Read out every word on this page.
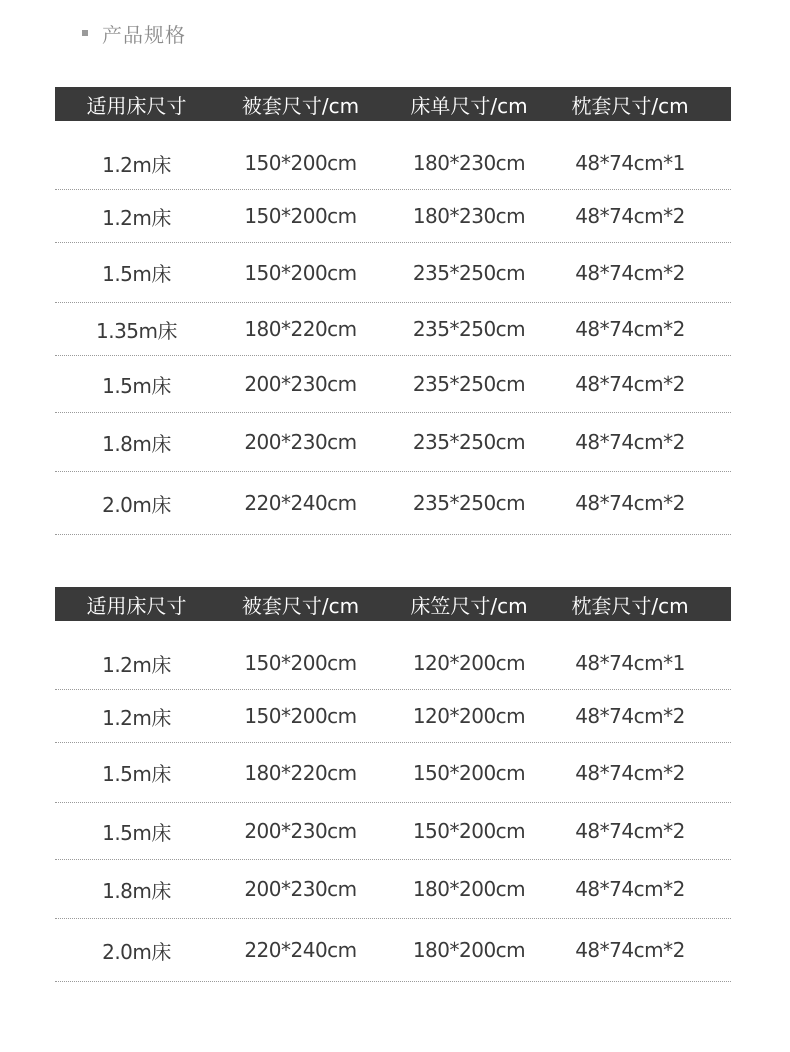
产品规格
适用床尺寸	被套尺寸/cm	床单尺寸/cm	枕套尺寸/cm
1.2m床	150*200cm	180*230cm	48*74cm*1
1.2m床	150*200cm	180*230cm	48*74cm*2
1.5m床	150*200cm	235*250cm	48*74cm*2
1.35m床	180*220cm	235*250cm	48*74cm*2
1.5m床	200*230cm	235*250cm	48*74cm*2
1.8m床	200*230cm	235*250cm	48*74cm*2
2.0m床	220*240cm	235*250cm	48*74cm*2
适用床尺寸	被套尺寸/cm	床笠尺寸/cm	枕套尺寸/cm
1.2m床	150*200cm	120*200cm	48*74cm*1
1.2m床	150*200cm	120*200cm	48*74cm*2
1.5m床	180*220cm	150*200cm	48*74cm*2
1.5m床	200*230cm	150*200cm	48*74cm*2
1.8m床	200*230cm	180*200cm	48*74cm*2
2.0m床	220*240cm	180*200cm	48*74cm*2
